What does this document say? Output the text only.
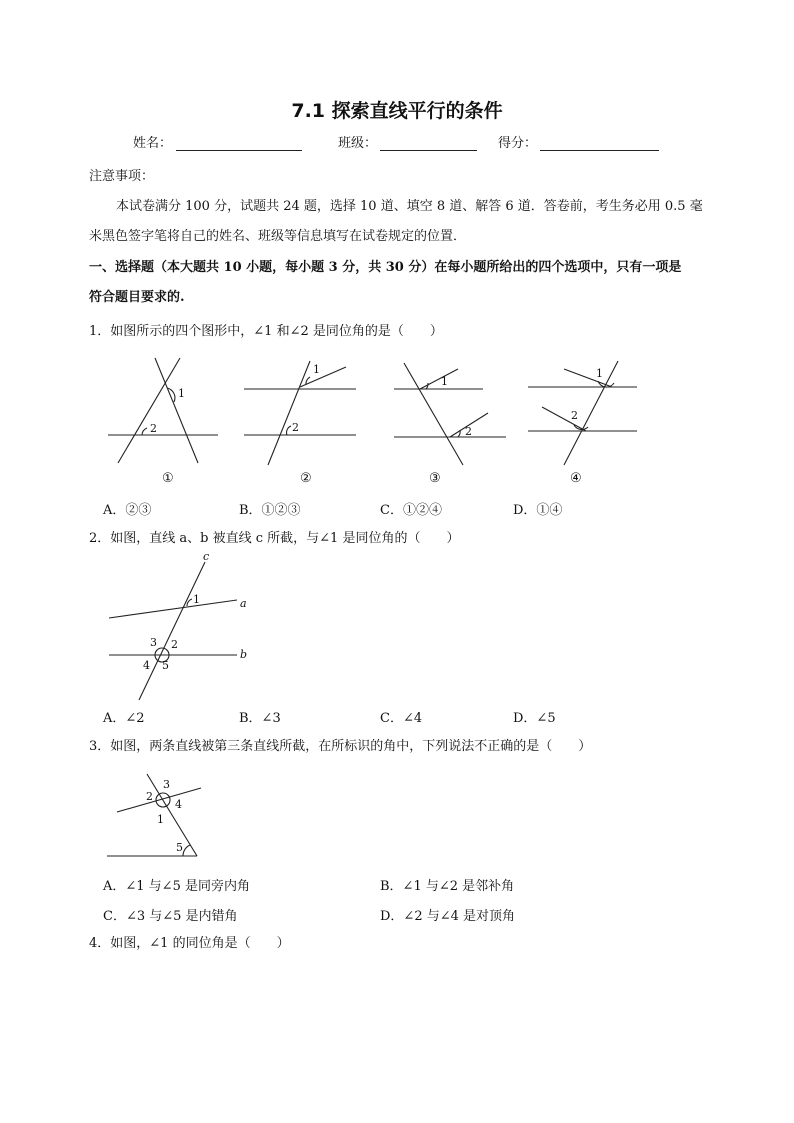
7.1 探索直线平行的条件
姓名：	班级：	得分：
注意事项：
本试卷满分 100 分，试题共 24 题，选择 10 道、填空 8 道、解答 6 道．答卷前，考生务必用 0.5 毫
米黑色签字笔将自己的姓名、班级等信息填写在试卷规定的位置．
一、选择题（本大题共 10 小题，每小题 3 分，共 30 分）在每小题所给出的四个选项中，只有一项是
符合题目要求的.
1．如图所示的四个图形中，∠1 和∠2 是同位角的是（　　）
1
2
①
1
2
②
1
2
③
1
2
④
A．②③	B．①②③	C．①②④	D．①④
2．如图，直线 a、b 被直线 c 所截，与∠1 是同位角的（　　）
c
a
b
1
2
3
4 5
A．∠2	B．∠3	C．∠4	D．∠5
3．如图，两条直线被第三条直线所截，在所标识的角中，下列说法不正确的是（　　）
3
2
4
1
5
A．∠1 与∠5 是同旁内角	B．∠1 与∠2 是邻补角
C．∠3 与∠5 是内错角	D．∠2 与∠4 是对顶角
4．如图，∠1 的同位角是（　　）
